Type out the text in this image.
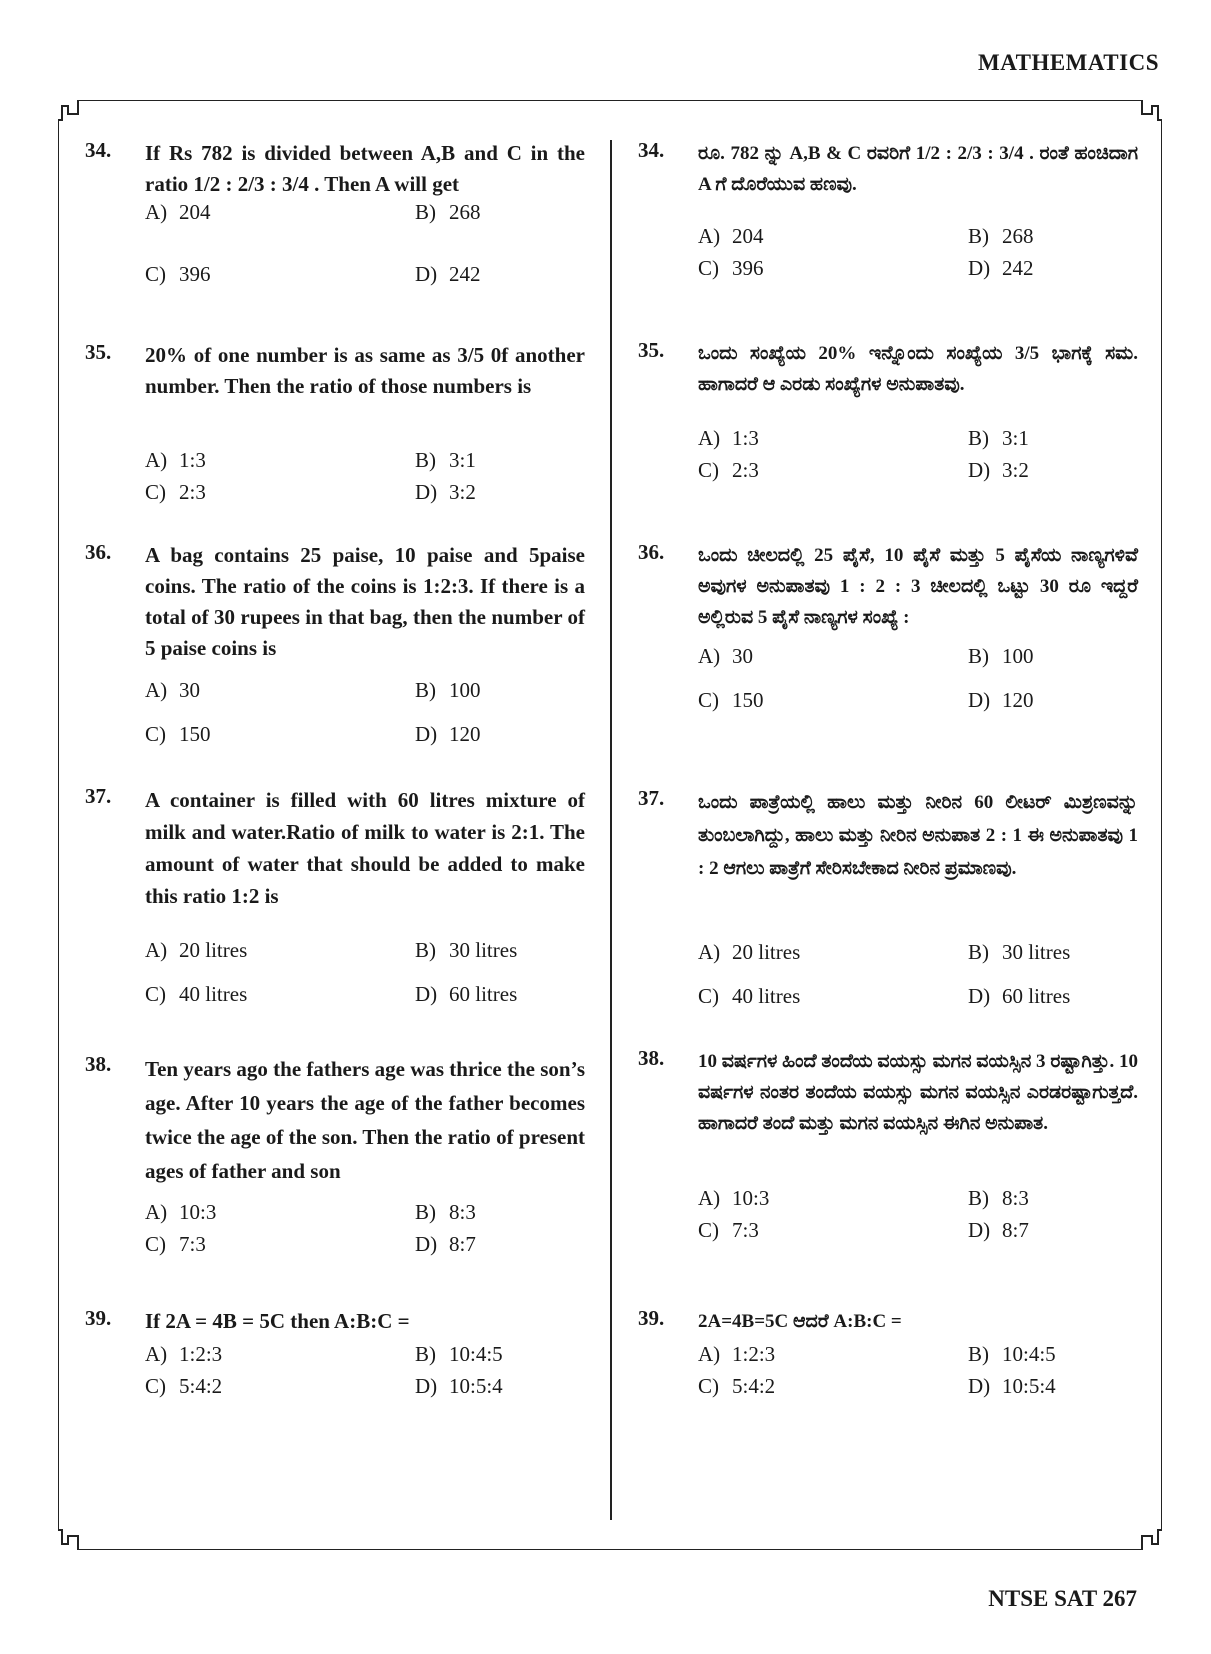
MATHEMATICS
34. If Rs 782 is divided between A,B and C in the ratio 1/2 : 2/3 : 3/4 . Then A will get
A) 204	B) 268
C) 396	D) 242
35. 20% of one number is as same as 3/5 0f another number. Then the ratio of those numbers is
A) 1:3	B) 3:1
C) 2:3	D) 3:2
36. A bag contains 25 paise, 10 paise and 5paise coins. The ratio of the coins is 1:2:3. If there is a total of 30 rupees in that bag, then the number of 5 paise coins is
A) 30	B) 100
C) 150	D) 120
37. A container is filled with 60 litres mixture of milk and water.Ratio of milk to water is 2:1. The amount of water that should be added to make this ratio 1:2 is
A) 20 litres	B) 30 litres
C) 40 litres	D) 60 litres
38. Ten years ago the fathers age was thrice the son’s age. After 10 years the age of the father becomes twice the age of the son. Then the ratio of present ages of father and son
A) 10:3	B) 8:3
C) 7:3	D) 8:7
39. If 2A = 4B = 5C then A:B:C =
A) 1:2:3	B) 10:4:5
C) 5:4:2	D) 10:5:4
34. ರೂ. 782 ನ್ನು A,B & C ರವರಿಗೆ 1/2 : 2/3 : 3/4 . ರಂತೆ ಹಂಚಿದಾಗ A ಗೆ ದೊರೆಯುವ ಹಣವು.
A) 204	B) 268
C) 396	D) 242
35. ಒಂದು ಸಂಖ್ಯೆಯ 20% ಇನ್ನೊಂದು ಸಂಖ್ಯೆಯ 3/5 ಭಾಗಕ್ಕೆ ಸಮ. ಹಾಗಾದರೆ ಆ ಎರಡು ಸಂಖ್ಯೆಗಳ ಅನುಪಾತವು.
A) 1:3	B) 3:1
C) 2:3	D) 3:2
36. ಒಂದು ಚೀಲದಲ್ಲಿ 25 ಪೈಸೆ, 10 ಪೈಸೆ ಮತ್ತು 5 ಪೈಸೆಯ ನಾಣ್ಯಗಳಿವೆ ಅವುಗಳ ಅನುಪಾತವು 1 : 2 : 3 ಚೀಲದಲ್ಲಿ ಒಟ್ಟು 30 ರೂ ಇದ್ದರೆ ಅಲ್ಲಿರುವ 5 ಪೈಸೆ ನಾಣ್ಯಗಳ ಸಂಖ್ಯೆ :
A) 30	B) 100
C) 150	D) 120
37. ಒಂದು ಪಾತ್ರೆಯಲ್ಲಿ ಹಾಲು ಮತ್ತು ನೀರಿನ 60 ಲೀಟರ್ ಮಿಶ್ರಣವನ್ನು ತುಂಬಲಾಗಿದ್ದು, ಹಾಲು ಮತ್ತು ನೀರಿನ ಅನುಪಾತ 2 : 1 ಈ ಅನುಪಾತವು 1 : 2 ಆಗಲು ಪಾತ್ರೆಗೆ ಸೇರಿಸಬೇಕಾದ ನೀರಿನ ಪ್ರಮಾಣವು.
A) 20 litres	B) 30 litres
C) 40 litres	D) 60 litres
38. 10 ವರ್ಷಗಳ ಹಿಂದೆ ತಂದೆಯ ವಯಸ್ಸು ಮಗನ ವಯಸ್ಸಿನ 3 ರಷ್ಟಾಗಿತ್ತು. 10 ವರ್ಷಗಳ ನಂತರ ತಂದೆಯ ವಯಸ್ಸು ಮಗನ ವಯಸ್ಸಿನ ಎರಡರಷ್ಟಾಗುತ್ತದೆ. ಹಾಗಾದರೆ ತಂದೆ ಮತ್ತು ಮಗನ ವಯಸ್ಸಿನ ಈಗಿನ ಅನುಪಾತ.
A) 10:3	B) 8:3
C) 7:3	D) 8:7
39. 2A=4B=5C ಆದರೆ A:B:C =
A) 1:2:3	B) 10:4:5
C) 5:4:2	D) 10:5:4
NTSE SAT 267
